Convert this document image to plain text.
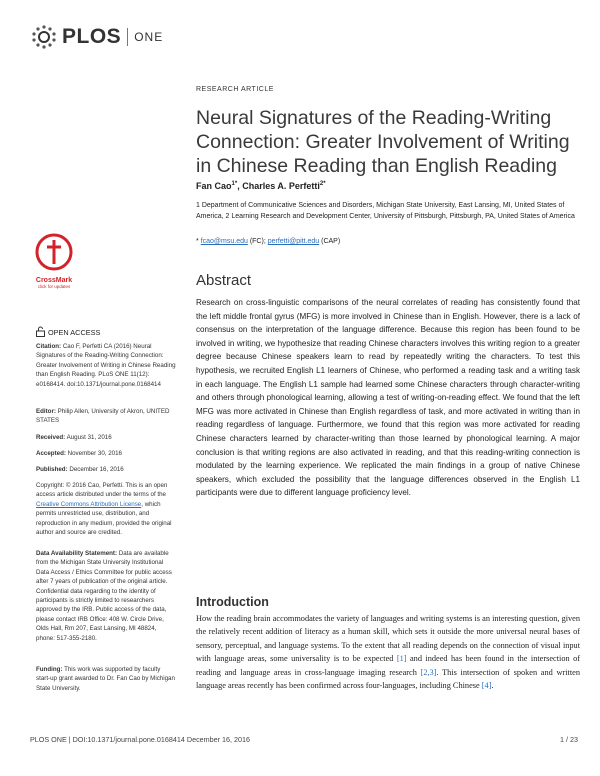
PLOS ONE
RESEARCH ARTICLE
Neural Signatures of the Reading-Writing Connection: Greater Involvement of Writing in Chinese Reading than English Reading
Fan Cao$^{1*}$, Charles A. Perfetti$^{2*}$
1 Department of Communicative Sciences and Disorders, Michigan State University, East Lansing, MI, United States of America, 2 Learning Research and Development Center, University of Pittsburgh, Pittsburgh, PA, United States of America
* fcao@msu.edu (FC); perfetti@pitt.edu (CAP)
Abstract
Research on cross-linguistic comparisons of the neural correlates of reading has consistently found that the left middle frontal gyrus (MFG) is more involved in Chinese than in English. However, there is a lack of consensus on the interpretation of the language difference. Because this region has been found to be involved in writing, we hypothesize that reading Chinese characters involves this writing region to a greater degree because Chinese speakers learn to read by repeatedly writing the characters. To test this hypothesis, we recruited English L1 learners of Chinese, who performed a reading task and a writing task in each language. The English L1 sample had learned some Chinese characters through character-writing and others through phonological learning, allowing a test of writing-on-reading effect. We found that the left MFG was more activated in Chinese than English regardless of task, and more activated in writing than in reading regardless of language. Furthermore, we found that this region was more activated for reading Chinese characters learned by character-writing than those learned by phonological learning. A major conclusion is that writing regions are also activated in reading, and that this reading-writing connection is modulated by the learning experience. We replicated the main findings in a group of native Chinese speakers, which excluded the possibility that the language differences observed in the English L1 participants were due to different language proficiency level.
Introduction
How the reading brain accommodates the variety of languages and writing systems is an interesting question, given the relatively recent addition of literacy as a human skill, which sets it outside the more universal neural bases of sensory, perceptual, and language systems. To the extent that all reading depends on the connection of visual input with language areas, some universality is to be expected [1] and indeed has been found in the intersection of reading and language areas in cross-language imaging research [2,3]. This intersection of spoken and written language areas recently has been confirmed across four-languages, including Chinese [4].
CrossMark
click for updates
OPEN ACCESS
Citation: Cao F, Perfetti CA (2016) Neural Signatures of the Reading-Writing Connection: Greater Involvement of Writing in Chinese Reading than English Reading. PLoS ONE 11(12): e0168414. doi:10.1371/journal.pone.0168414
Editor: Philip Allen, University of Akron, UNITED STATES
Received: August 31, 2016
Accepted: November 30, 2016
Published: December 16, 2016
Copyright: © 2016 Cao, Perfetti. This is an open access article distributed under the terms of the Creative Commons Attribution License, which permits unrestricted use, distribution, and reproduction in any medium, provided the original author and source are credited.
Data Availability Statement: Data are available from the Michigan State University Institutional Data Access / Ethics Committee for public access after 7 years of publication of the original article. Confidential data regarding to the identity of participants is strictly limited to researchers approved by the IRB. Public access of the data, please contact IRB Office: 408 W. Circle Drive, Olds Hall, Rm 207, East Lansing, MI 48824, phone: 517-355-2180.
Funding: This work was supported by faculty start-up grant awarded to Dr. Fan Cao by Michigan State University.
PLOS ONE | DOI:10.1371/journal.pone.0168414 December 16, 2016	1 / 23
